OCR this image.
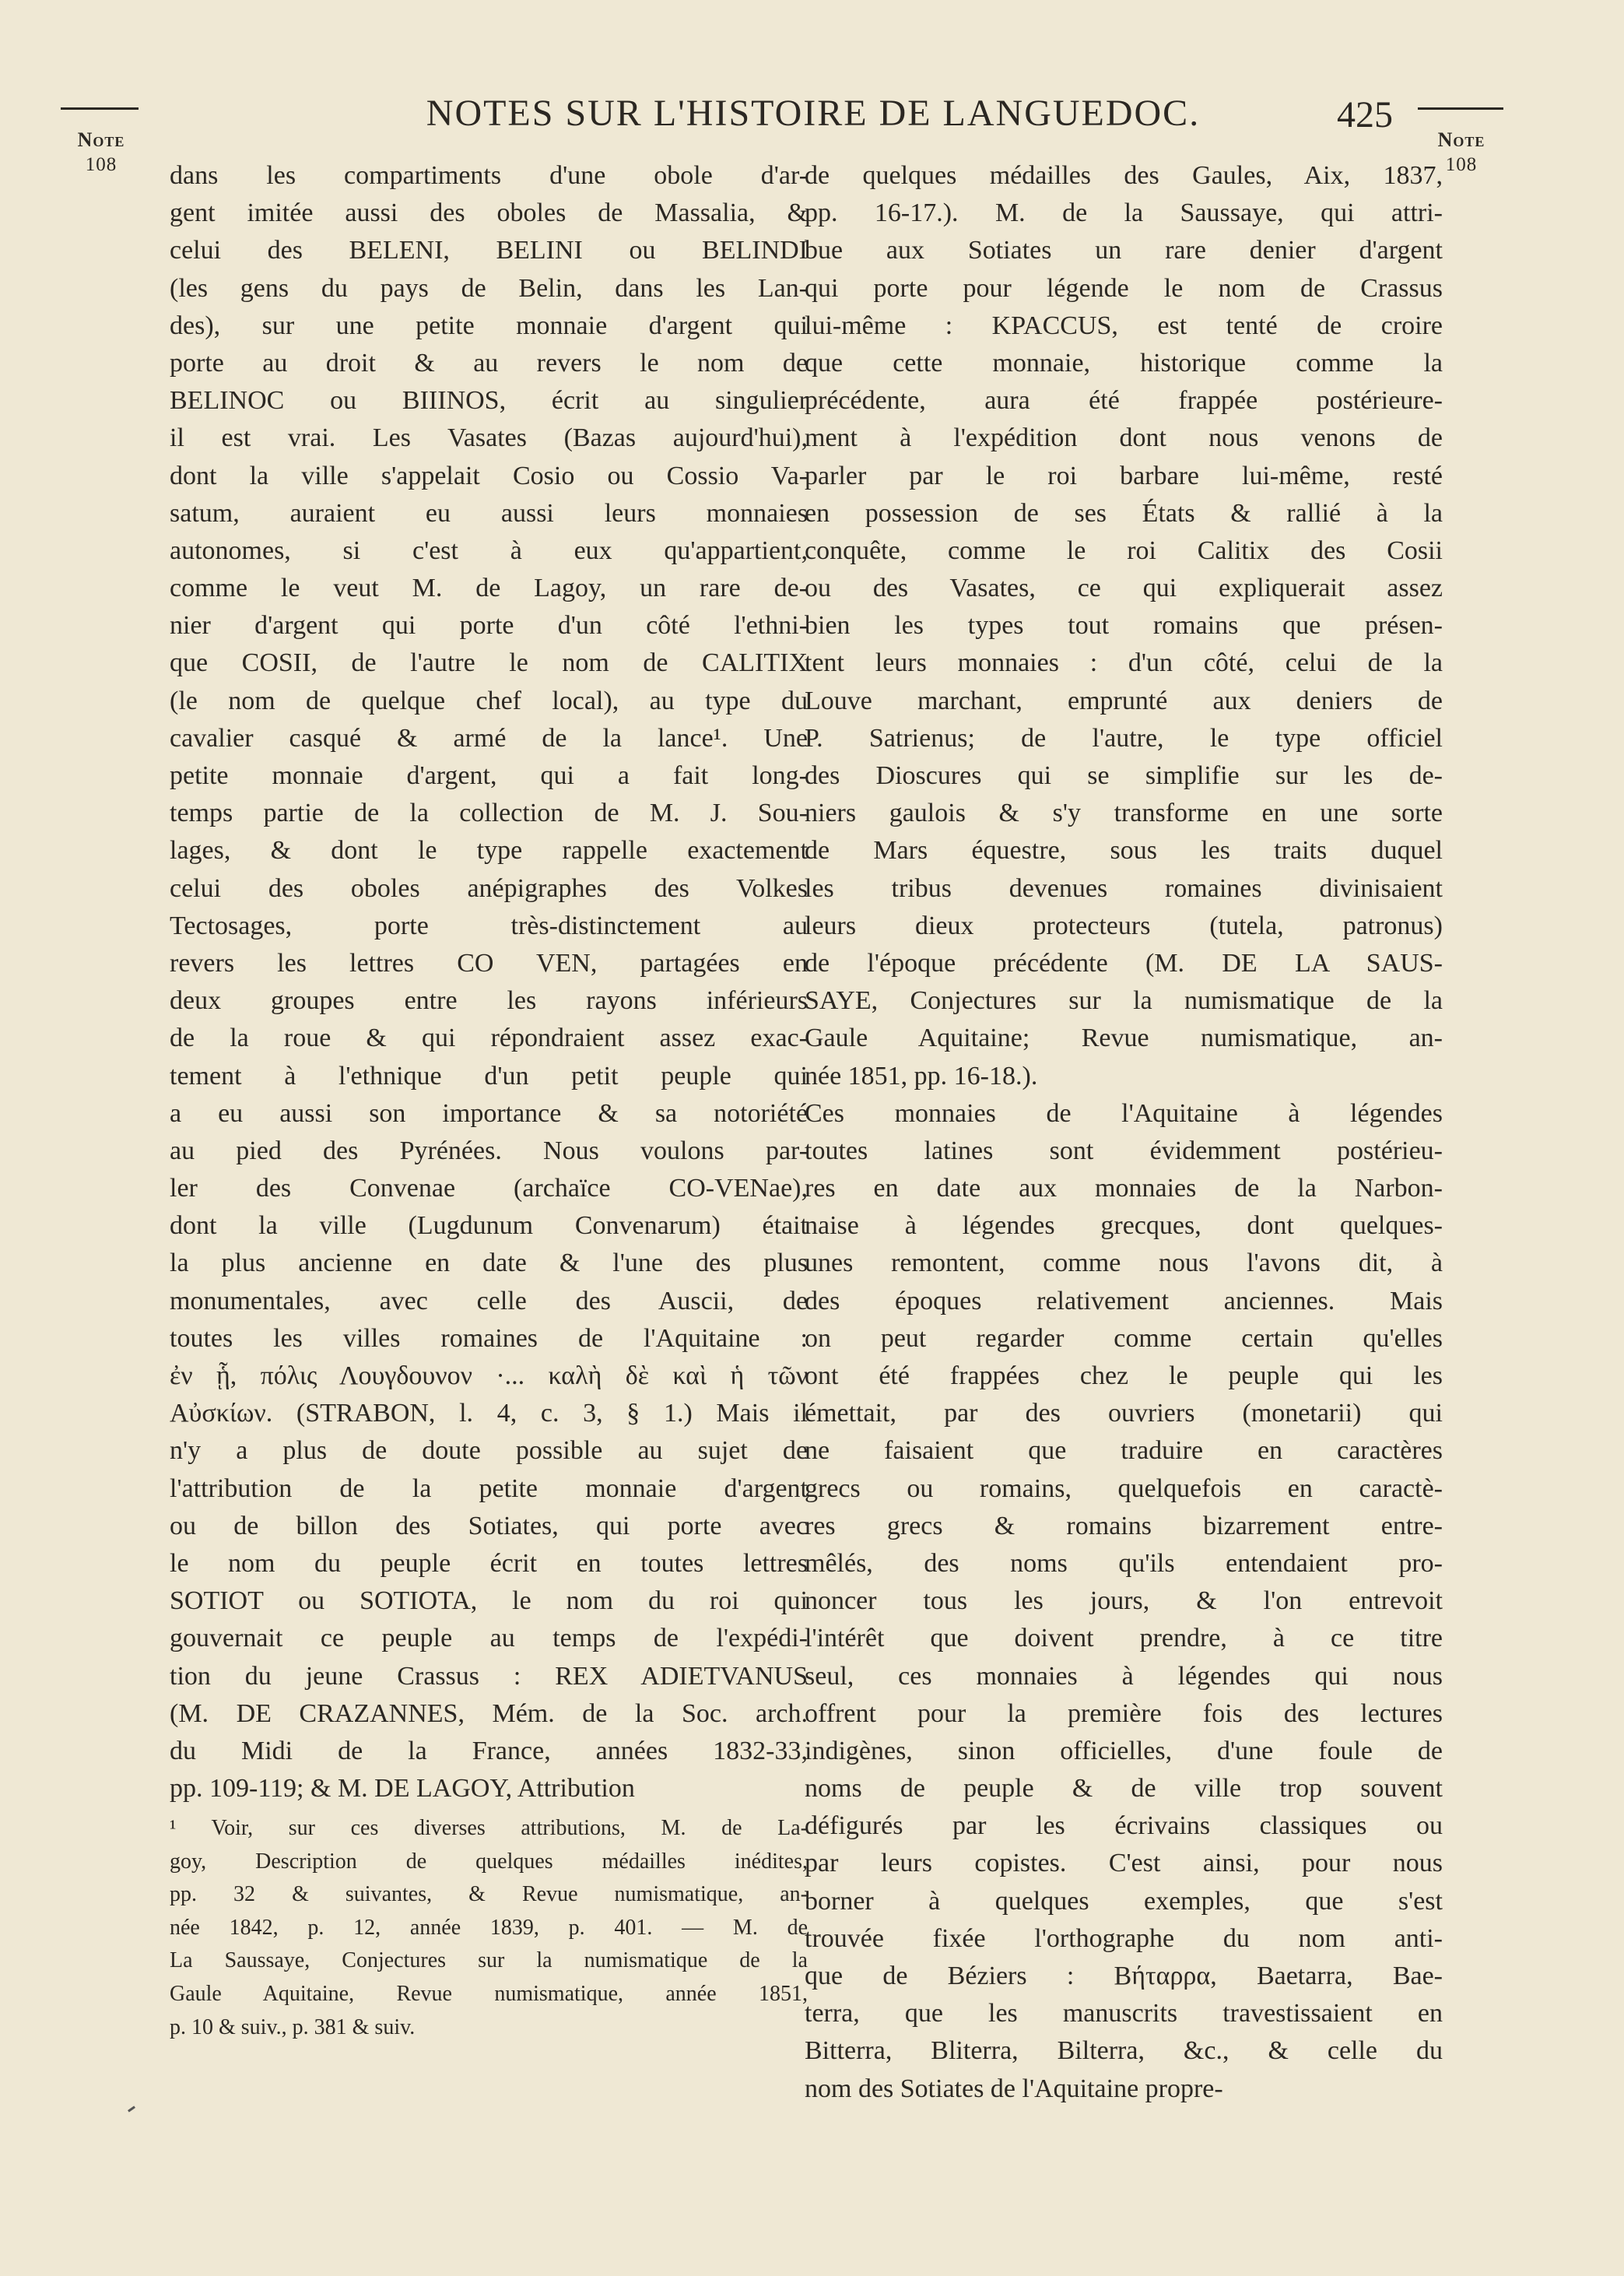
Note
108
NOTES SUR L'HISTOIRE DE LANGUEDOC.	425
Note
108
dans les compartiments d'une obole d'ar-
gent imitée aussi des oboles de Massalia, &
celui des BELENI, BELINI ou BELINDI
(les gens du pays de Belin, dans les Lan-
des), sur une petite monnaie d'argent qui
porte au droit & au revers le nom de
BELINOC ou BIIINOS, écrit au singulier
il est vrai. Les Vasates (Bazas aujourd'hui),
dont la ville s'appelait Cosio ou Cossio Va-
satum, auraient eu aussi leurs monnaies
autonomes, si c'est à eux qu'appartient,
comme le veut M. de Lagoy, un rare de-
nier d'argent qui porte d'un côté l'ethni-
que COSII, de l'autre le nom de CALITIX
(le nom de quelque chef local), au type du
cavalier casqué & armé de la lance¹. Une
petite monnaie d'argent, qui a fait long-
temps partie de la collection de M. J. Sou-
lages, & dont le type rappelle exactement
celui des oboles anépigraphes des Volkes
Tectosages, porte très-distinctement au
revers les lettres CO VEN, partagées en
deux groupes entre les rayons inférieurs
de la roue & qui répondraient assez exac-
tement à l'ethnique d'un petit peuple qui
a eu aussi son importance & sa notoriété
au pied des Pyrénées. Nous voulons par-
ler des Convenae (archaïce CO-VENae),
dont la ville (Lugdunum Convenarum) était
la plus ancienne en date & l'une des plus
monumentales, avec celle des Auscii, de
toutes les villes romaines de l'Aquitaine :
ἐν ᾗ, πόλις Λουγδουνον ·... καλὴ δὲ καὶ ἡ τῶν
Αὐσκίων. (STRABON, l. 4, c. 3, § 1.) Mais il
n'y a plus de doute possible au sujet de
l'attribution de la petite monnaie d'argent
ou de billon des Sotiates, qui porte avec
le nom du peuple écrit en toutes lettres
SOTIOT ou SOTIOTA, le nom du roi qui
gouvernait ce peuple au temps de l'expédi-
tion du jeune Crassus : REX ADIETVANUS
(M. DE CRAZANNES, Mém. de la Soc. arch.
du Midi de la France, années 1832-33,
pp. 109-119; & M. DE LAGOY, Attribution
¹ Voir, sur ces diverses attributions, M. de La-
goy, Description de quelques médailles inédites,
pp. 32 & suivantes, & Revue numismatique, an-
née 1842, p. 12, année 1839, p. 401. — M. de
La Saussaye, Conjectures sur la numismatique de la
Gaule Aquitaine, Revue numismatique, année 1851,
p. 10 & suiv., p. 381 & suiv.
de quelques médailles des Gaules, Aix, 1837,
pp. 16-17.). M. de la Saussaye, qui attri-
bue aux Sotiates un rare denier d'argent
qui porte pour légende le nom de Crassus
lui-même : KPACCUS, est tenté de croire
que cette monnaie, historique comme la
précédente, aura été frappée postérieure-
ment à l'expédition dont nous venons de
parler par le roi barbare lui-même, resté
en possession de ses États & rallié à la
conquête, comme le roi Calitix des Cosii
ou des Vasates, ce qui expliquerait assez
bien les types tout romains que présen-
tent leurs monnaies : d'un côté, celui de la
Louve marchant, emprunté aux deniers de
P. Satrienus; de l'autre, le type officiel
des Dioscures qui se simplifie sur les de-
niers gaulois & s'y transforme en une sorte
de Mars équestre, sous les traits duquel
les tribus devenues romaines divinisaient
leurs dieux protecteurs (tutela, patronus)
de l'époque précédente (M. DE LA SAUS-
SAYE, Conjectures sur la numismatique de la
Gaule Aquitaine; Revue numismatique, an-
née 1851, pp. 16-18.).
Ces monnaies de l'Aquitaine à légendes
toutes latines sont évidemment postérieu-
res en date aux monnaies de la Narbon-
naise à légendes grecques, dont quelques-
unes remontent, comme nous l'avons dit, à
des époques relativement anciennes. Mais
on peut regarder comme certain qu'elles
ont été frappées chez le peuple qui les
émettait, par des ouvriers (monetarii) qui
ne faisaient que traduire en caractères
grecs ou romains, quelquefois en caractè-
res grecs & romains bizarrement entre-
mêlés, des noms qu'ils entendaient pro-
noncer tous les jours, & l'on entrevoit
l'intérêt que doivent prendre, à ce titre
seul, ces monnaies à légendes qui nous
offrent pour la première fois des lectures
indigènes, sinon officielles, d'une foule de
noms de peuple & de ville trop souvent
défigurés par les écrivains classiques ou
par leurs copistes. C'est ainsi, pour nous
borner à quelques exemples, que s'est
trouvée fixée l'orthographe du nom anti-
que de Béziers : Βήταρρα, Baetarra, Bae-
terra, que les manuscrits travestissaient en
Bitterra, Bliterra, Bilterra, &c., & celle du
nom des Sotiates de l'Aquitaine propre-
